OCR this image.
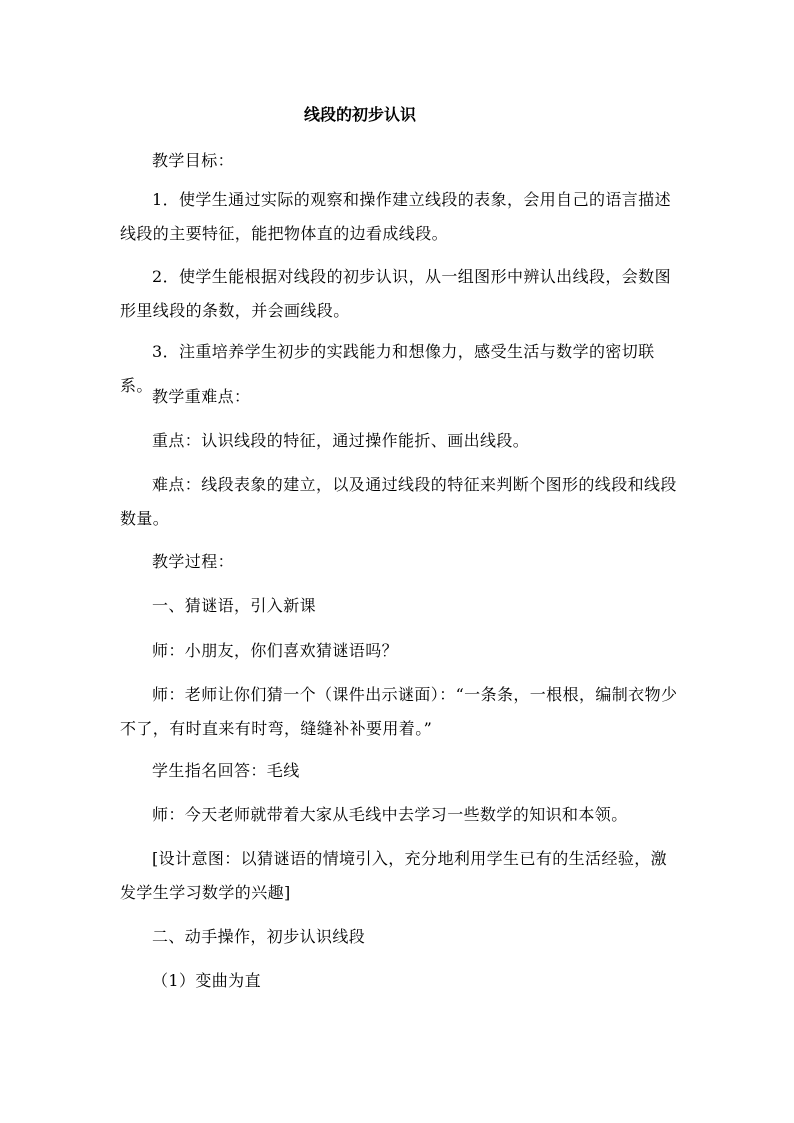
线段的初步认识
教学目标：
1．使学生通过实际的观察和操作建立线段的表象，会用自己的语言描述线段的主要特征，能把物体直的边看成线段。
2．使学生能根据对线段的初步认识，从一组图形中辨认出线段，会数图形里线段的条数，并会画线段。
3．注重培养学生初步的实践能力和想像力，感受生活与数学的密切联系。
教学重难点：
重点：认识线段的特征，通过操作能折、画出线段。
难点：线段表象的建立，以及通过线段的特征来判断个图形的线段和线段数量。
教学过程：
一、猜谜语，引入新课
师：小朋友，你们喜欢猜谜语吗？
师：老师让你们猜一个（课件出示谜面）：“一条条，一根根，编制衣物少不了，有时直来有时弯，缝缝补补要用着。”
学生指名回答：毛线
师：今天老师就带着大家从毛线中去学习一些数学的知识和本领。
[设计意图：以猜谜语的情境引入，充分地利用学生已有的生活经验，激发学生学习数学的兴趣]
二、动手操作，初步认识线段
（1）变曲为直
